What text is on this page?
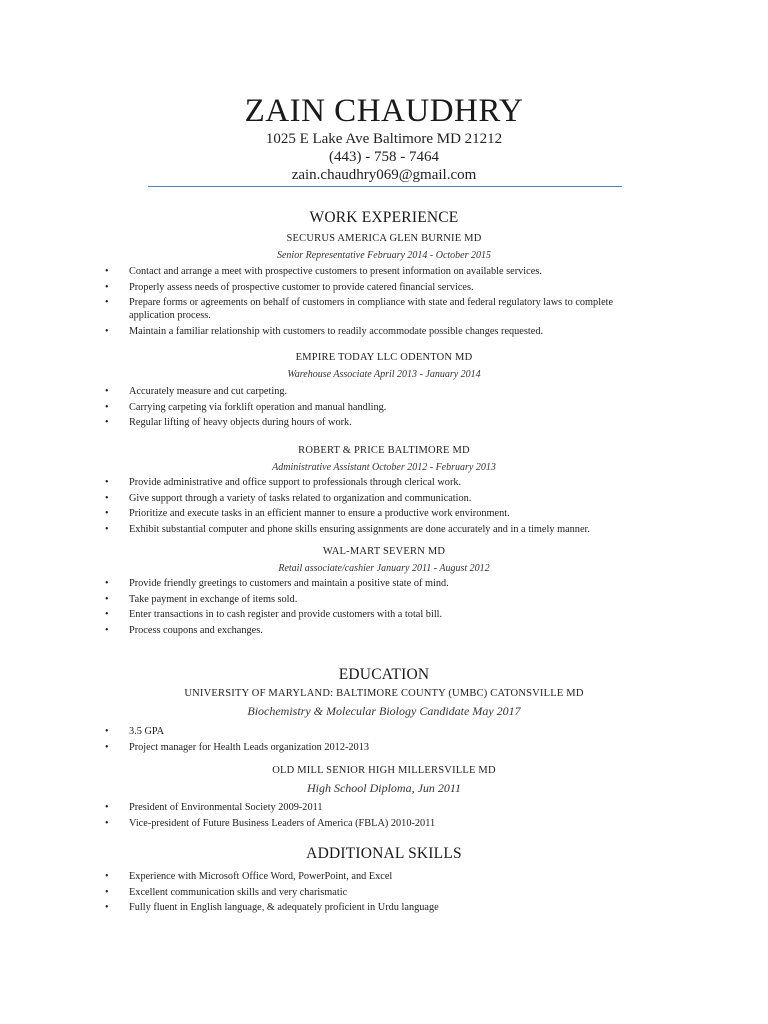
ZAIN CHAUDHRY
1025 E Lake Ave Baltimore MD 21212
(443) - 758 - 7464
zain.chaudhry069@gmail.com
WORK EXPERIENCE
SECURUS AMERICA GLEN BURNIE MD
Senior Representative February 2014 - October 2015
• Contact and arrange a meet with prospective customers to present information on available services.
• Properly assess needs of prospective customer to provide catered financial services.
• Prepare forms or agreements on behalf of customers in compliance with state and federal regulatory laws to complete application process.
• Maintain a familiar relationship with customers to readily accommodate possible changes requested.
EMPIRE TODAY LLC ODENTON MD
Warehouse Associate April 2013 - January 2014
• Accurately measure and cut carpeting.
• Carrying carpeting via forklift operation and manual handling.
• Regular lifting of heavy objects during hours of work.
ROBERT & PRICE BALTIMORE MD
Administrative Assistant October 2012 - February 2013
• Provide administrative and office support to professionals through clerical work.
• Give support through a variety of tasks related to organization and communication.
• Prioritize and execute tasks in an efficient manner to ensure a productive work environment.
• Exhibit substantial computer and phone skills ensuring assignments are done accurately and in a timely manner.
WAL-MART SEVERN MD
Retail associate/cashier January 2011 - August 2012
• Provide friendly greetings to customers and maintain a positive state of mind.
• Take payment in exchange of items sold.
• Enter transactions in to cash register and provide customers with a total bill.
• Process coupons and exchanges.
EDUCATION
UNIVERSITY OF MARYLAND: BALTIMORE COUNTY (UMBC) CATONSVILLE MD
Biochemistry & Molecular Biology Candidate May 2017
• 3.5 GPA
• Project manager for Health Leads organization 2012-2013
OLD MILL SENIOR HIGH MILLERSVILLE MD
High School Diploma, Jun 2011
• President of Environmental Society 2009-2011
• Vice-president of Future Business Leaders of America (FBLA) 2010-2011
ADDITIONAL SKILLS
• Experience with Microsoft Office Word, PowerPoint, and Excel
• Excellent communication skills and very charismatic
• Fully fluent in English language, & adequately proficient in Urdu language
